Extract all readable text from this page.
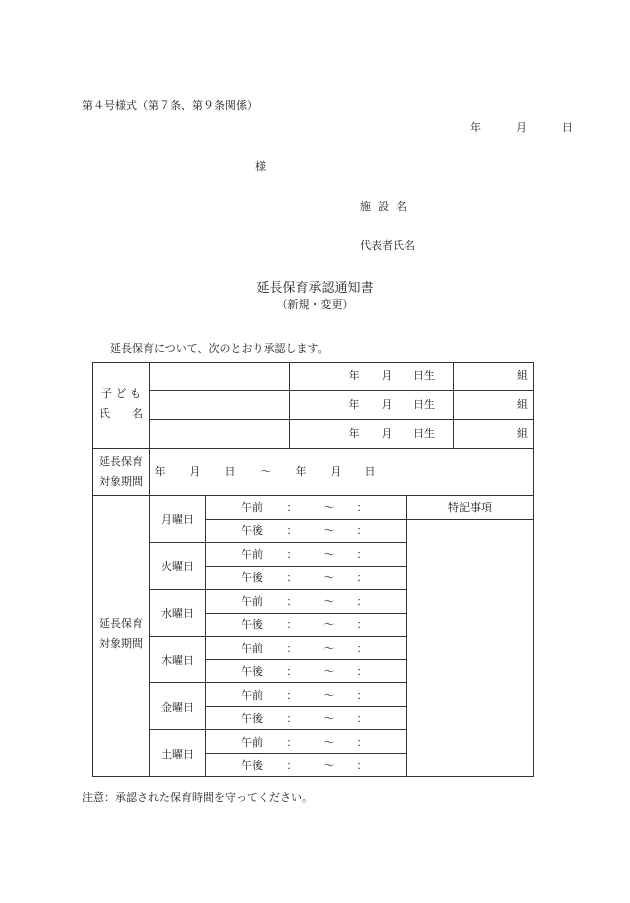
第４号様式（第７条、第９条関係）
年	月	日
様
施設名
代表者氏名
延長保育承認通知書
（新規・変更）
延長保育について、次のとおり承認します。
子 ど も
氏　　名
年	月	日生	組
年	月	日生	組
年	月	日生	組
延長保育
対象期間
年	月	日	～	年	月	日
延長保育
対象期間
特記事項
月曜日
午前	：	～	：
午後	：	～	：
火曜日
午前	：	～	：
午後	：	～	：
水曜日
午前	：	～	：
午後	：	～	：
木曜日
午前	：	～	：
午後	：	～	：
金曜日
午前	：	～	：
午後	：	～	：
土曜日
午前	：	～	：
午後	：	～	：
注意：承認された保育時間を守ってください。
